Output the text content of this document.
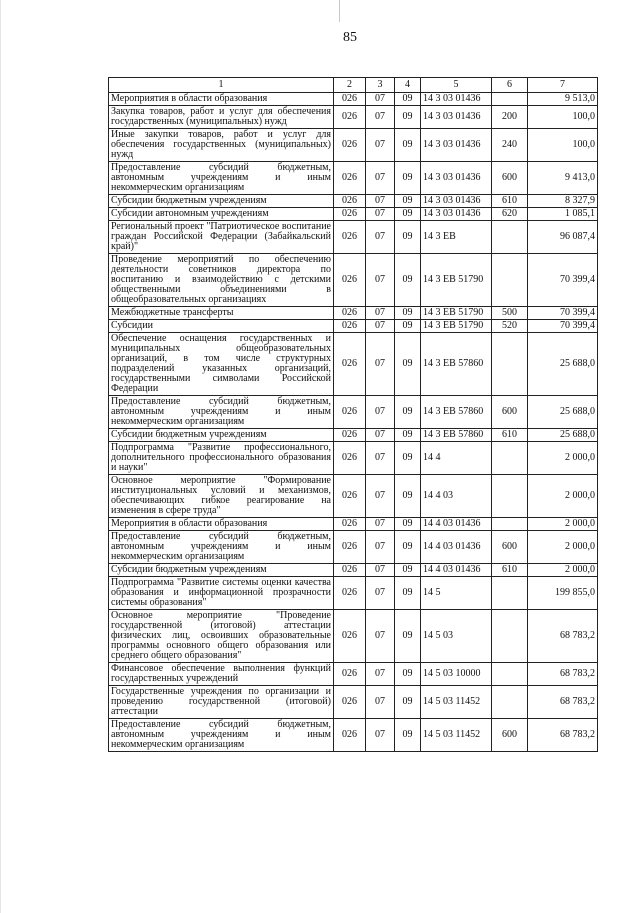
85
1	2	3	4	5	6	7
Мероприятия в области образования	026	07	09	14 3 03 01436		9 513,0
Закупка товаров, работ и услуг для обеспечения государственных (муниципальных) нужд	026	07	09	14 3 03 01436	200	100,0
Иные закупки товаров, работ и услуг для обеспечения государственных (муниципальных) нужд	026	07	09	14 3 03 01436	240	100,0
Предоставление субсидий бюджетным, автономным учреждениям и иным некоммерческим организациям	026	07	09	14 3 03 01436	600	9 413,0
Субсидии бюджетным учреждениям	026	07	09	14 3 03 01436	610	8 327,9
Субсидии автономным учреждениям	026	07	09	14 3 03 01436	620	1 085,1
Региональный проект "Патриотическое воспитание граждан Российской Федерации (Забайкальский край)"	026	07	09	14 3 ЕВ		96 087,4
Проведение мероприятий по обеспечению деятельности советников директора по воспитанию и взаимодействию с детскими общественными объединениями в общеобразовательных организациях	026	07	09	14 3 ЕВ 51790		70 399,4
Межбюджетные трансферты	026	07	09	14 3 ЕВ 51790	500	70 399,4
Субсидии	026	07	09	14 3 ЕВ 51790	520	70 399,4
Обеспечение оснащения государственных и муниципальных общеобразовательных организаций, в том числе структурных подразделений указанных организаций, государственными символами Российской Федерации	026	07	09	14 3 ЕВ 57860		25 688,0
Предоставление субсидий бюджетным, автономным учреждениям и иным некоммерческим организациям	026	07	09	14 3 ЕВ 57860	600	25 688,0
Субсидии бюджетным учреждениям	026	07	09	14 3 ЕВ 57860	610	25 688,0
Подпрограмма "Развитие профессионального, дополнительного профессионального образования и науки"	026	07	09	14 4		2 000,0
Основное мероприятие "Формирование институциональных условий и механизмов, обеспечивающих гибкое реагирование на изменения в сфере труда"	026	07	09	14 4 03		2 000,0
Мероприятия в области образования	026	07	09	14 4 03 01436		2 000,0
Предоставление субсидий бюджетным, автономным учреждениям и иным некоммерческим организациям	026	07	09	14 4 03 01436	600	2 000,0
Субсидии бюджетным учреждениям	026	07	09	14 4 03 01436	610	2 000,0
Подпрограмма "Развитие системы оценки качества образования и информационной прозрачности системы образования"	026	07	09	14 5		199 855,0
Основное мероприятие "Проведение государственной (итоговой) аттестации физических лиц, освоивших образовательные программы основного общего образования или среднего общего образования"	026	07	09	14 5 03		68 783,2
Финансовое обеспечение выполнения функций государственных учреждений	026	07	09	14 5 03 10000		68 783,2
Государственные учреждения по организации и проведению государственной (итоговой) аттестации	026	07	09	14 5 03 11452		68 783,2
Предоставление субсидий бюджетным, автономным учреждениям и иным некоммерческим организациям	026	07	09	14 5 03 11452	600	68 783,2
